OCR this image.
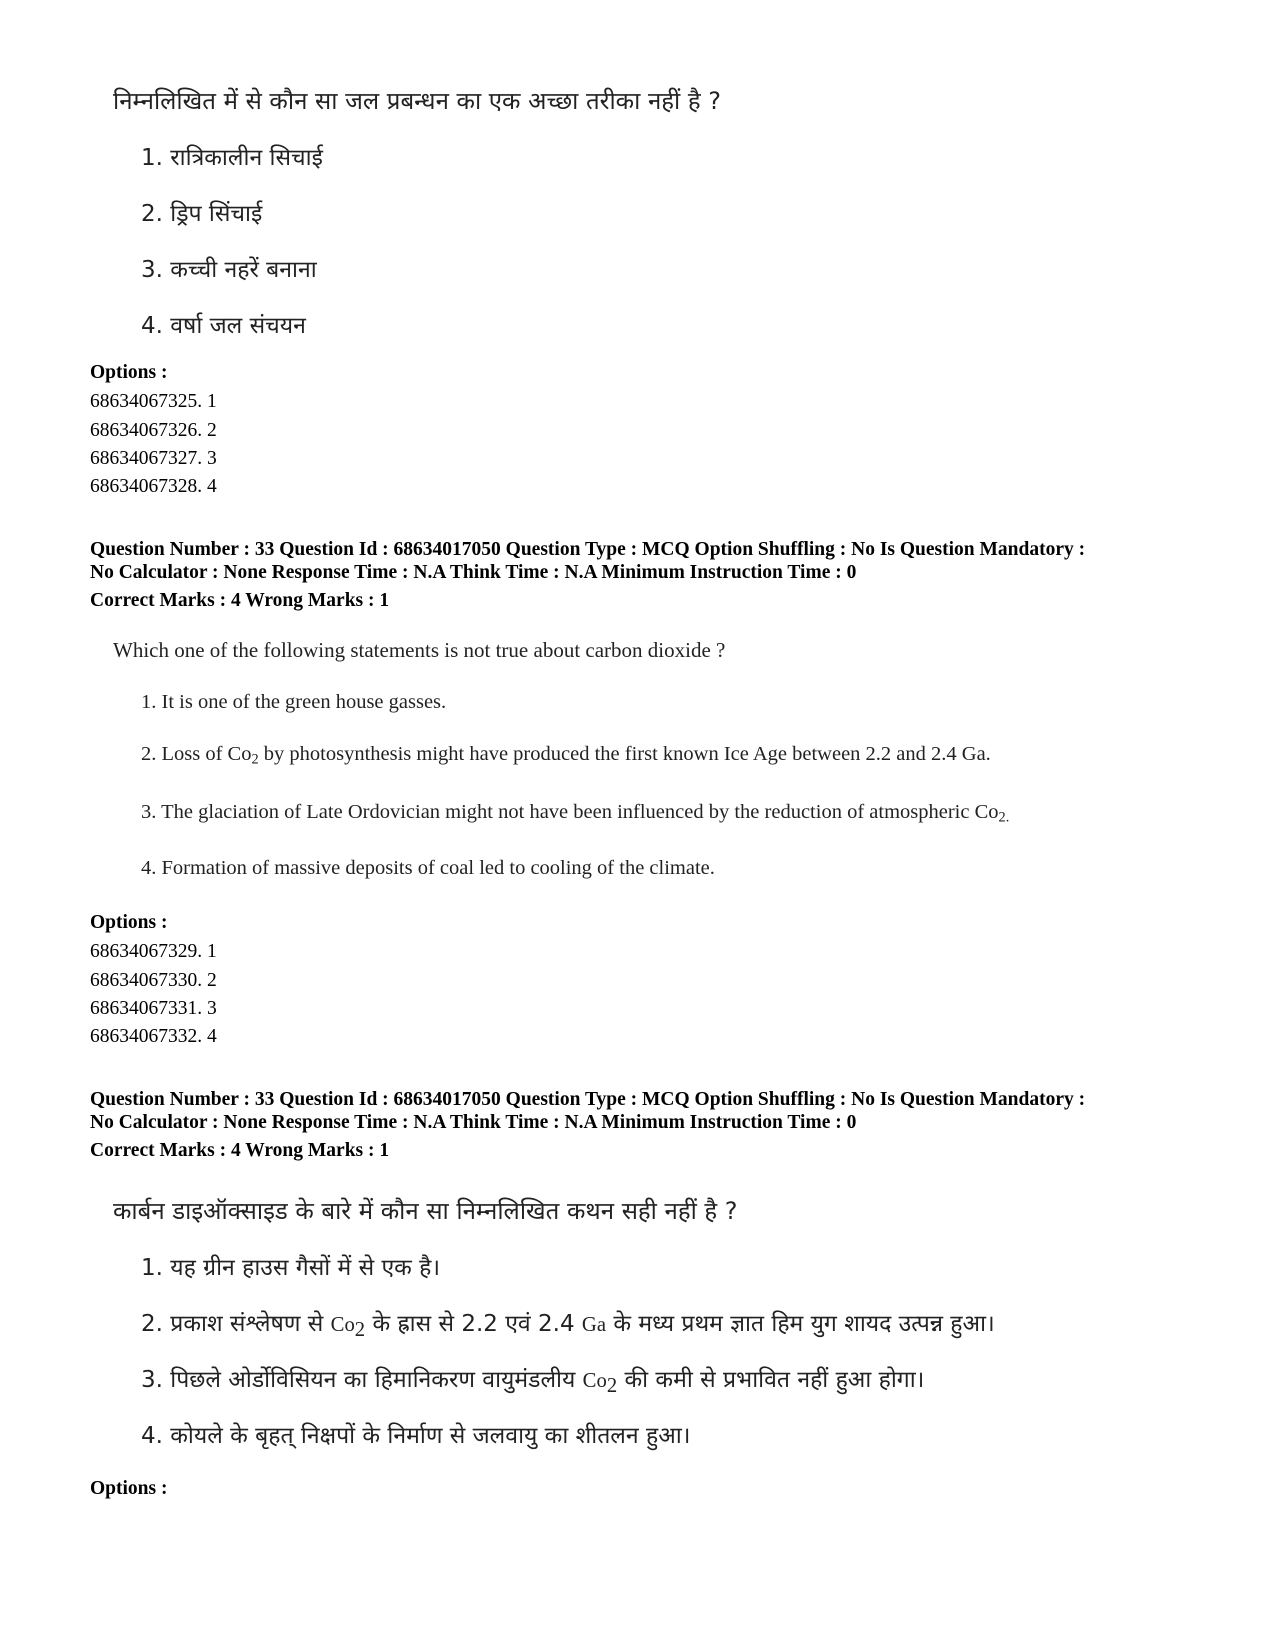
निम्नलिखित में से कौन सा जल प्रबन्धन का एक अच्छा तरीका नहीं है ?
1. रात्रिकालीन सिचाई
2. ड्रिप सिंचाई
3. कच्ची नहरें बनाना
4. वर्षा जल संचयन
Options :
68634067325. 1
68634067326. 2
68634067327. 3
68634067328. 4
Question Number : 33 Question Id : 68634017050 Question Type : MCQ Option Shuffling : No Is Question Mandatory :
No Calculator : None Response Time : N.A Think Time : N.A Minimum Instruction Time : 0
Correct Marks : 4 Wrong Marks : 1
Which one of the following statements is not true about carbon dioxide ?
1. It is one of the green house gasses.
2. Loss of $Co_2$ by photosynthesis might have produced the first known Ice Age between 2.2 and 2.4 Ga.
3. The glaciation of Late Ordovician might not have been influenced by the reduction of atmospheric $Co_{2.}$
4. Formation of massive deposits of coal led to cooling of the climate.
Options :
68634067329. 1
68634067330. 2
68634067331. 3
68634067332. 4
Question Number : 33 Question Id : 68634017050 Question Type : MCQ Option Shuffling : No Is Question Mandatory :
No Calculator : None Response Time : N.A Think Time : N.A Minimum Instruction Time : 0
Correct Marks : 4 Wrong Marks : 1
कार्बन डाइऑक्साइड के बारे में कौन सा निम्नलिखित कथन सही नहीं है ?
1. यह ग्रीन हाउस गैसों में से एक है।
2. प्रकाश संश्लेषण से $Co_2$ के ह्रास से 2.2 एवं 2.4 Ga के मध्य प्रथम ज्ञात हिम युग शायद उत्पन्न हुआ।
3. पिछले ओर्डोविसियन का हिमानिकरण वायुमंडलीय $Co_2$ की कमी से प्रभावित नहीं हुआ होगा।
4. कोयले के बृहत् निक्षपों के निर्माण से जलवायु का शीतलन हुआ।
Options :
